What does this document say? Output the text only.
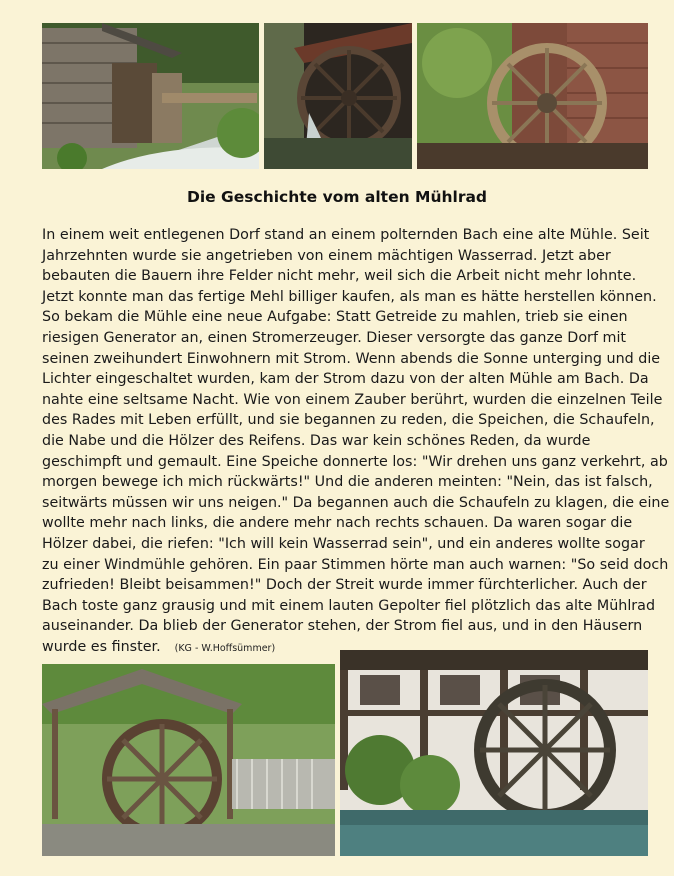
Die Geschichte vom alten Mühlrad
In einem weit entlegenen Dorf stand an einem polternden Bach eine alte Mühle. Seit
Jahrzehnten wurde sie angetrieben von einem mächtigen Wasserrad. Jetzt aber
bebauten die Bauern ihre Felder nicht mehr, weil sich die Arbeit nicht mehr lohnte.
Jetzt konnte man das fertige Mehl billiger kaufen, als man es hätte herstellen können.
So bekam die Mühle eine neue Aufgabe: Statt Getreide zu mahlen, trieb sie einen
riesigen Generator an, einen Stromerzeuger. Dieser versorgte das ganze Dorf mit
seinen zweihundert Einwohnern mit Strom. Wenn abends die Sonne unterging und die
Lichter eingeschaltet wurden, kam der Strom dazu von der alten Mühle am Bach. Da
nahte eine seltsame Nacht. Wie von einem Zauber berührt, wurden die einzelnen Teile
des Rades mit Leben erfüllt, und sie begannen zu reden, die Speichen, die Schaufeln,
die Nabe und die Hölzer des Reifens. Das war kein schönes Reden, da wurde
geschimpft und gemault. Eine Speiche donnerte los: "Wir drehen uns ganz verkehrt, ab
morgen bewege ich mich rückwärts!" Und die anderen meinten: "Nein, das ist falsch,
seitwärts müssen wir uns neigen." Da begannen auch die Schaufeln zu klagen, die eine
wollte mehr nach links, die andere mehr nach rechts schauen. Da waren sogar die
Hölzer dabei, die riefen: "Ich will kein Wasserrad sein", und ein anderes wollte sogar
zu einer Windmühle gehören. Ein paar Stimmen hörte man auch warnen: "So seid doch
zufrieden! Bleibt beisammen!" Doch der Streit wurde immer fürchterlicher. Auch der
Bach toste ganz grausig und mit einem lauten Gepolter fiel plötzlich das alte Mühlrad
auseinander. Da blieb der Generator stehen, der Strom fiel aus, und in den Häusern
wurde es finster. (KG - W.Hoffsümmer)
